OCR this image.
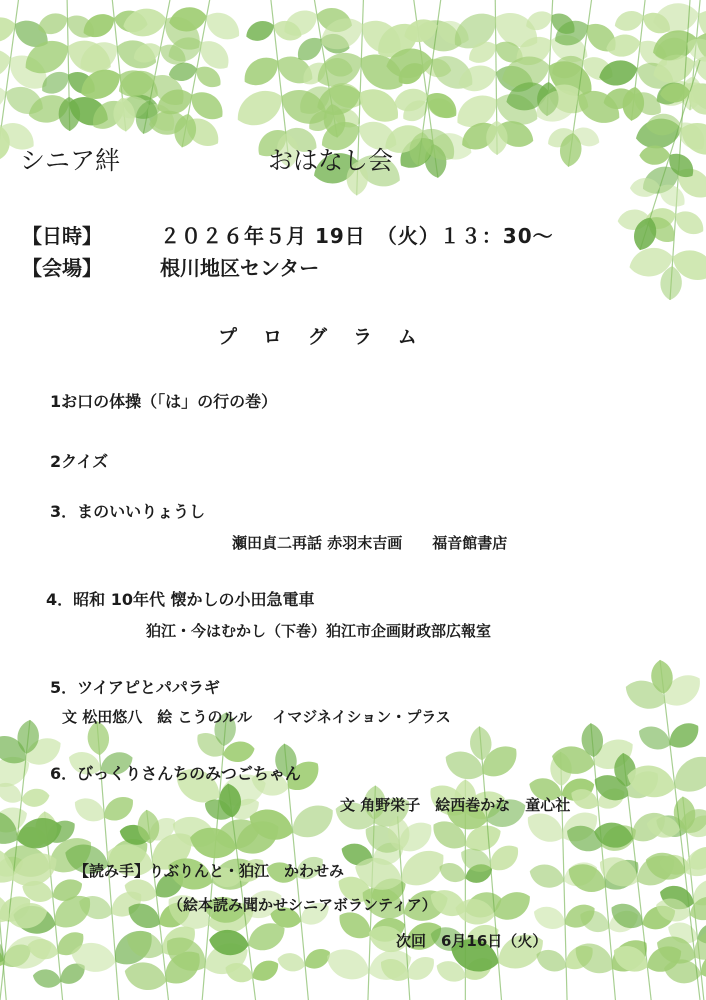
シニア絆	おはなし会
【日時】	２０２６年５月 19日　（火）１３：30～
【会場】	根川地区センター
プログラム
1お口の体操（「は」の行の巻）
2クイズ
3．まのいいりょうし
瀬田貞二再話 赤羽末吉画　　福音館書店
4．昭和 10年代 懐かしの小田急電車
狛江・今はむかし（下巻）狛江市企画財政部広報室
5．ツイアピとパパラギ
文 松田悠八　絵 こうのルル　 イマジネイション・プラス
6．びっくりさんちのみつごちゃん
文 角野栄子　絵西巻かな　童心社
【読み手】りぶりんと・狛江　かわせみ
（絵本読み聞かせシニアボランティア）
次回　6月16日（火）
